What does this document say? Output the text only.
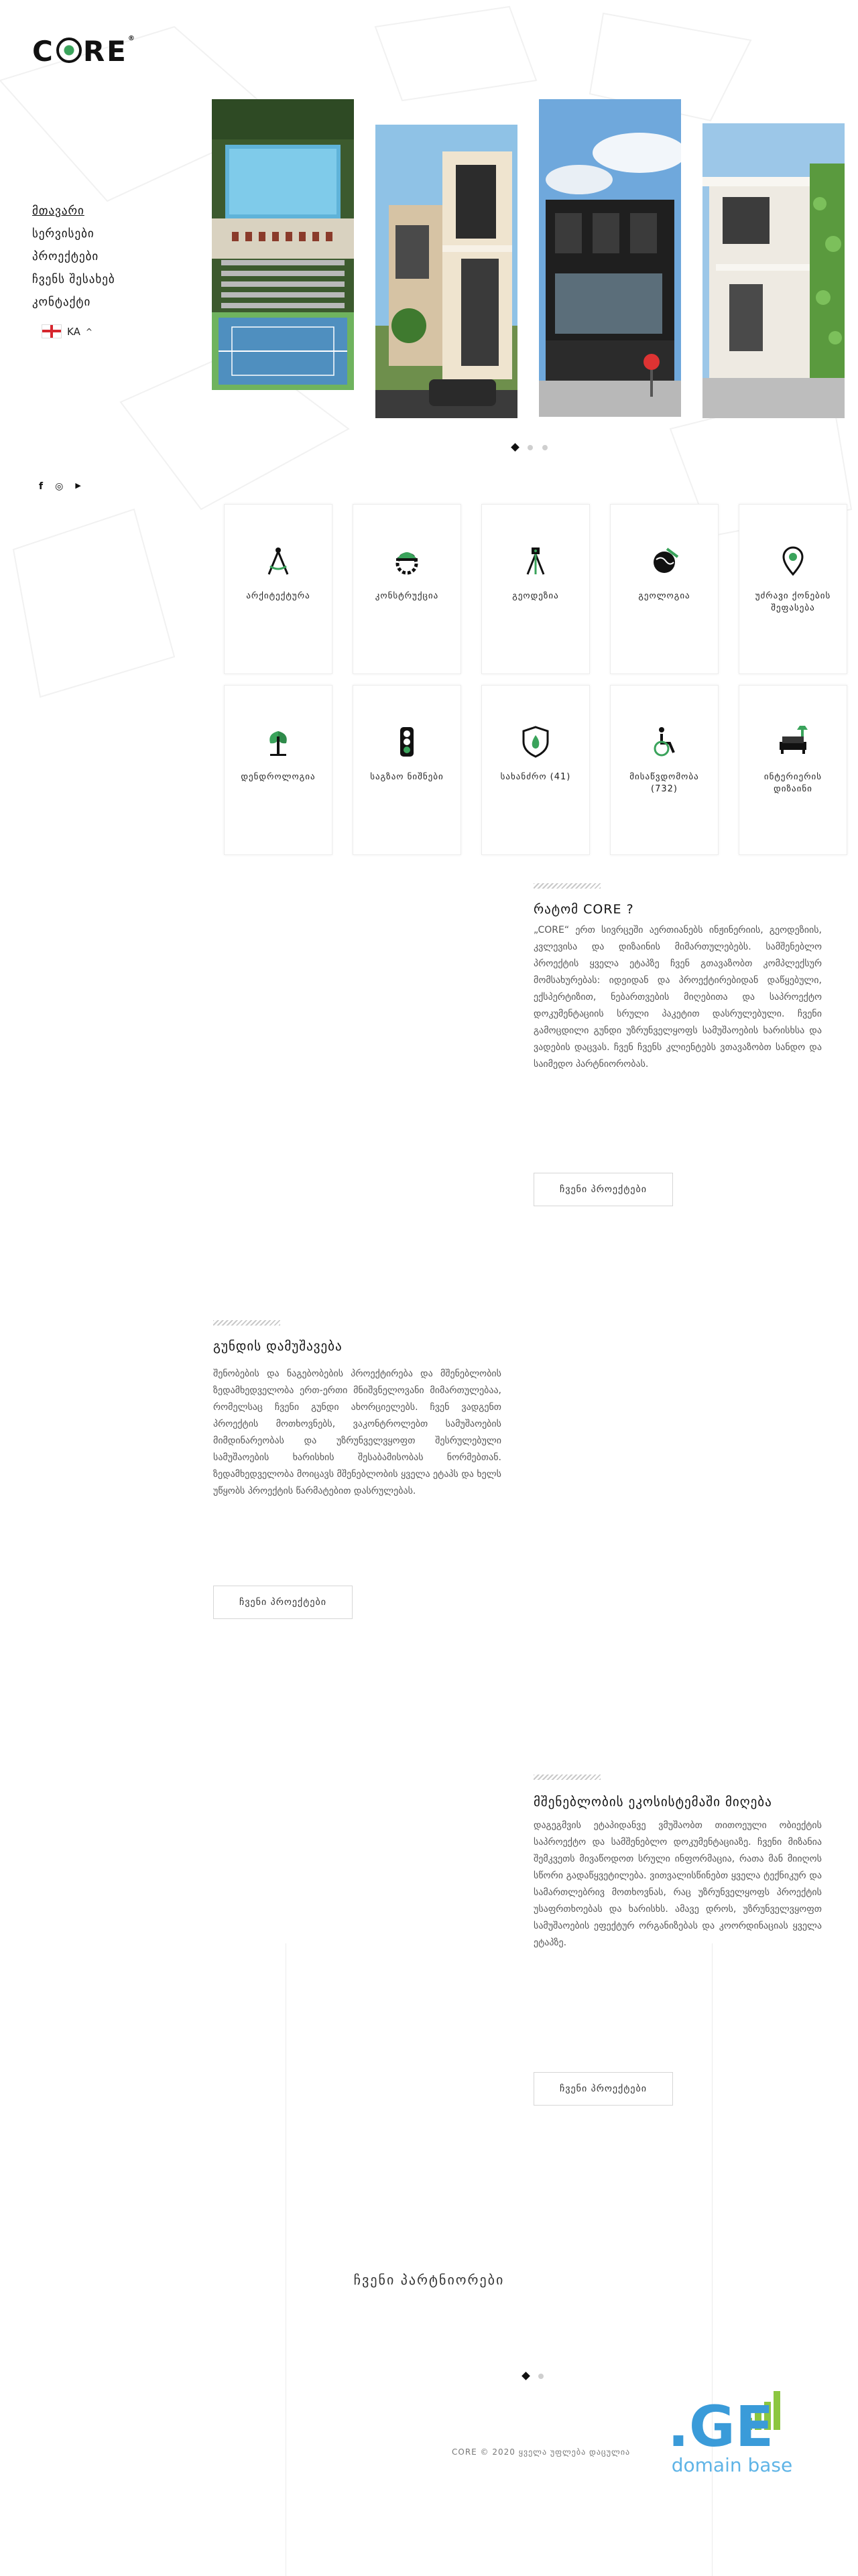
C RE®
მთავარი
სერვისები
პროექტები
ჩვენს შესახებ
კონტაქტი
KA ^
f ◎ ▶
არქიტექტურა	კონსტრუქცია	გეოდეზია	გეოლოგია	უძრავი ქონების შეფასება
დენდროლოგია	საგზაო ნიშნები	სახანძრო (41)	მისაწვდომობა (732)
ინტერიერის დიზაინი
რატომ CORE ?
„CORE“ ერთ სივრცეში აერთიანებს ინჟინერიის, გეოდეზიის, კვლევისა და დიზაინის მიმართულებებს. სამშენებლო პროექტის ყველა ეტაპზე ჩვენ გთავაზობთ კომპლექსურ მომსახურებას: იდეიდან და პროექტირებიდან დაწყებული, ექსპერტიზით, ნებართვების მიღებითა და საპროექტო დოკუმენტაციის სრული პაკეტით დასრულებული. ჩვენი გამოცდილი გუნდი უზრუნველყოფს სამუშაოების ხარისხსა და ვადების დაცვას. ჩვენ ჩვენს კლიენტებს ვთავაზობთ სანდო და საიმედო პარტნიორობას.
ჩვენი პროექტები
გუნდის დამუშავება
შენობების და ნაგებობების პროექტირება და მშენებლობის ზედამხედველობა ერთ-ერთი მნიშვნელოვანი მიმართულებაა, რომელსაც ჩვენი გუნდი ახორციელებს. ჩვენ ვადგენთ პროექტის მოთხოვნებს, ვაკონტროლებთ სამუშაოების მიმდინარეობას და უზრუნველვყოფთ შესრულებული სამუშაოების ხარისხის შესაბამისობას ნორმებთან. ზედამხედველობა მოიცავს მშენებლობის ყველა ეტაპს და ხელს უწყობს პროექტის წარმატებით დასრულებას.
ჩვენი პროექტები
მშენებლობის ეკოსისტემაში მიღება
დაგეგმვის ეტაპიდანვე ვმუშაობთ თითოეული ობიექტის საპროექტო და სამშენებლო დოკუმენტაციაზე. ჩვენი მიზანია შემკვეთს მივაწოდოთ სრული ინფორმაცია, რათა მან მიიღოს სწორი გადაწყვეტილება. ვითვალისწინებთ ყველა ტექნიკურ და სამართლებრივ მოთხოვნას, რაც უზრუნველყოფს პროექტის უსაფრთხოებას და ხარისხს. ამავე დროს, უზრუნველვყოფთ სამუშაოების ეფექტურ ორგანიზებას და კოორდინაციას ყველა ეტაპზე.
ჩვენი პროექტები
ჩვენი პარტნიორები
CORE © 2020 ყველა უფლება დაცულია .GE
domain base
